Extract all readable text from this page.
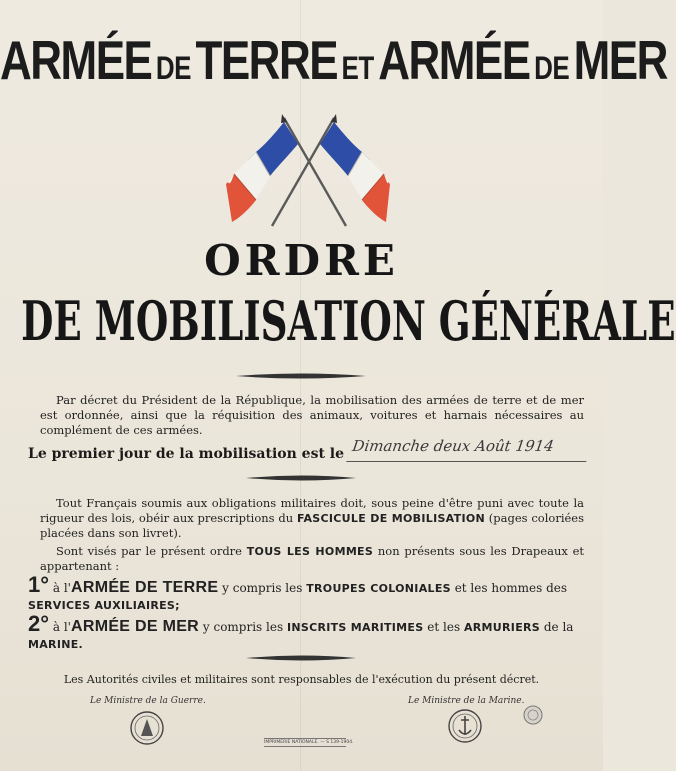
ARMÉE DE TERRE ET ARMÉE DE MER
ORDRE
DE MOBILISATION GÉNÉRALE
Par décret du Président de la République, la mobilisation des armées de terre et de mer est ordonnée, ainsi que la réquisition des animaux, voitures et harnais nécessaires au complément de ces armées.
Le premier jour de la mobilisation est le Dimanche deux Août 1914
Tout Français soumis aux obligations militaires doit, sous peine d'être puni avec toute la rigueur des lois, obéir aux prescriptions du FASCICULE DE MOBILISATION (pages coloriées placées dans son livret).
Sont visés par le présent ordre TOUS LES HOMMES non présents sous les Drapeaux et appartenant :
1° à l'ARMÉE DE TERRE y compris les TROUPES COLONIALES et les hommes des SERVICES AUXILIAIRES;
2° à l'ARMÉE DE MER y compris les INSCRITS MARITIMES et les ARMURIERS de la MARINE.
Les Autorités civiles et militaires sont responsables de l'exécution du présent décret.
Le Ministre de la Guerre.	Le Ministre de la Marine.
IMPRIMERIE NATIONALE. — S 139-1904.
